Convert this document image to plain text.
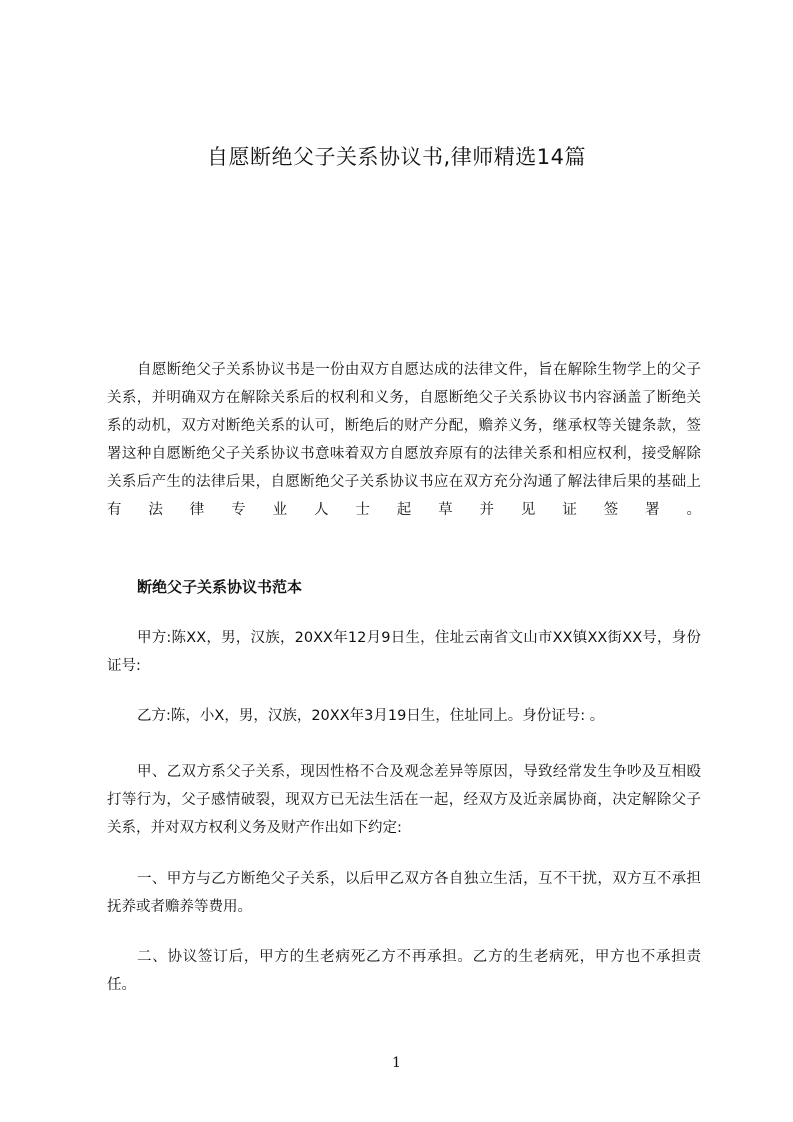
自愿断绝父子关系协议书,律师精选14篇

自愿断绝父子关系协议书是一份由双方自愿达成的法律文件，旨在解除生物学上的父子关系，并明确双方在解除关系后的权利和义务，自愿断绝父子关系协议书内容涵盖了断绝关系的动机，双方对断绝关系的认可，断绝后的财产分配，赡养义务，继承权等关键条款，签署这种自愿断绝父子关系协议书意味着双方自愿放弃原有的法律关系和相应权利，接受解除关系后产生的法律后果，自愿断绝父子关系协议书应在双方充分沟通了解法律后果的基础上有法律专业人士起草并见证签署。

断绝父子关系协议书范本

甲方:陈XX，男，汉族，20XX年12月9日生，住址云南省文山市XX镇XX街XX号，身份证号:

乙方:陈，小X，男，汉族，20XX年3月19日生，住址同上。身份证号: 。

甲、乙双方系父子关系，现因性格不合及观念差异等原因，导致经常发生争吵及互相殴打等行为，父子感情破裂，现双方已无法生活在一起，经双方及近亲属协商，决定解除父子关系，并对双方权利义务及财产作出如下约定:

一、甲方与乙方断绝父子关系，以后甲乙双方各自独立生活，互不干扰，双方互不承担抚养或者赡养等费用。

二、协议签订后，甲方的生老病死乙方不再承担。乙方的生老病死，甲方也不承担责任。

1
